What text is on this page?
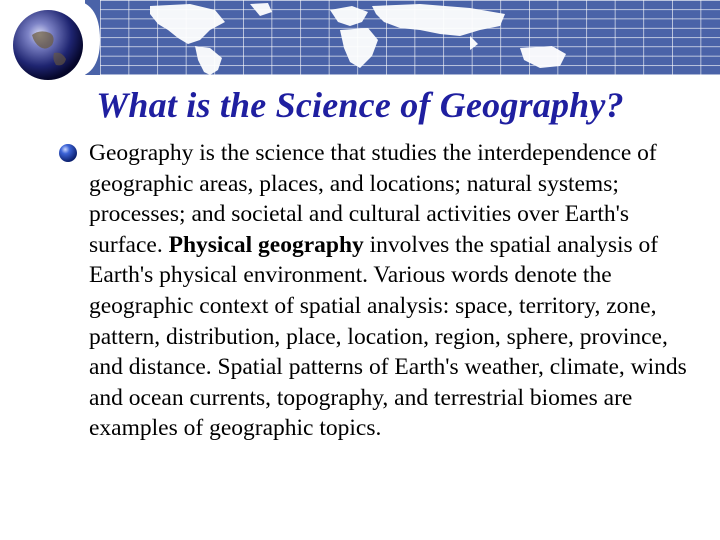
What is the Science of Geography?
Geography is the science that studies the interdependence of geographic areas, places, and locations; natural systems; processes; and societal and cultural activities over Earth's surface. Physical geography involves the spatial analysis of Earth's physical environment. Various words denote the geographic context of spatial analysis: space, territory, zone, pattern, distribution, place, location, region, sphere, province, and distance. Spatial patterns of Earth's weather, climate, winds and ocean currents, topography, and terrestrial biomes are examples of geographic topics.
